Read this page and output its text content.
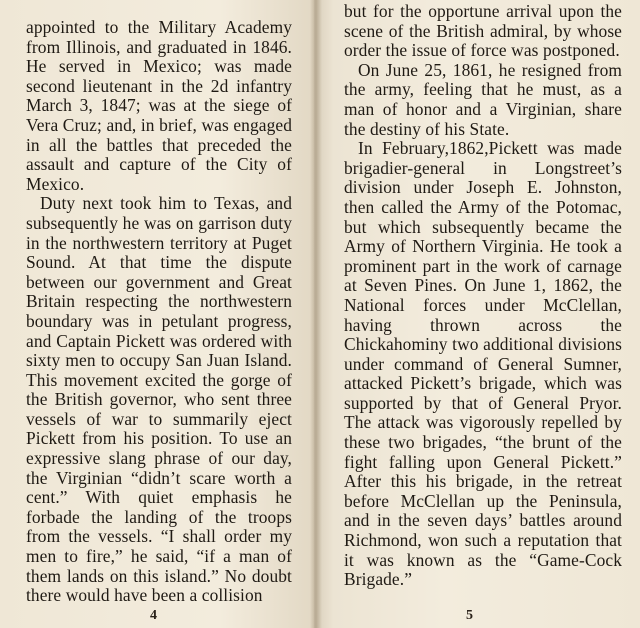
appointed to the Military Academy from Illinois, and graduated in 1846. He served in Mexico; was made second lieutenant in the 2d infantry March 3, 1847; was at the siege of Vera Cruz; and, in brief, was engaged in all the battles that preceded the assault and capture of the City of Mexico.

Duty next took him to Texas, and subsequently he was on garrison duty in the northwestern territory at Puget Sound. At that time the dispute between our government and Great Britain respecting the northwestern boundary was in petulant progress, and Captain Pickett was ordered with sixty men to occupy San Juan Island. This movement excited the gorge of the British governor, who sent three vessels of war to summarily eject Pickett from his position. To use an expressive slang phrase of our day, the Virginian “didn’t scare worth a cent.” With quiet emphasis he forbade the landing of the troops from the vessels. “I shall order my men to fire,” he said, “if a man of them lands on this island.” No doubt there would have been a collision

4

but for the opportune arrival upon the scene of the British admiral, by whose order the issue of force was postponed.

On June 25, 1861, he resigned from the army, feeling that he must, as a man of honor and a Virginian, share the destiny of his State.

In February,1862,Pickett was made brigadier-general in Longstreet’s division under Joseph E. Johnston, then called the Army of the Potomac, but which subsequently became the Army of Northern Virginia. He took a prominent part in the work of carnage at Seven Pines. On June 1, 1862, the National forces under McClellan, having thrown across the Chickahominy two additional divisions under command of General Sumner, attacked Pickett’s brigade, which was supported by that of General Pryor. The attack was vigorously repelled by these two brigades, “the brunt of the fight falling upon General Pickett.” After this his brigade, in the retreat before McClellan up the Peninsula, and in the seven days’ battles around Richmond, won such a reputation that it was known as the “Game-Cock Brigade.”

5
